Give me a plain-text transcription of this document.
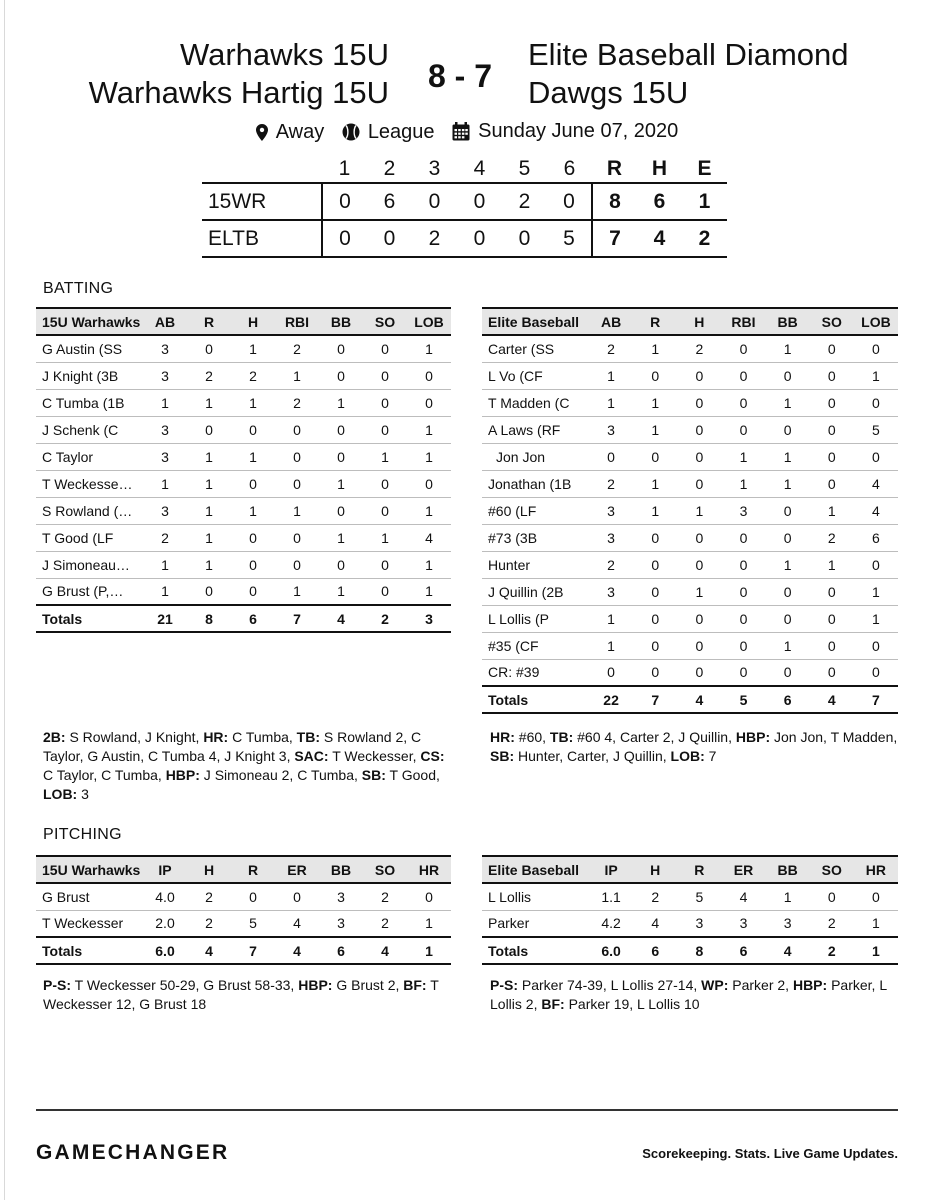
Warhawks 15U
Warhawks Hartig 15U 8 - 7
Elite Baseball Diamond
Dawgs 15U
Away
League
Sunday June 07, 2020
	1	2	3	4	5	6	R	H	E
15WR	0	6	0	0	2	0	8	6	1
ELTB	0	0	2	0	0	5	7	4	2
BATTING
15U Warhawks	AB	R	H	RBI	BB	SO	LOB
G Austin (SS	3	0	1	2	0	0	1
J Knight (3B	3	2	2	1	0	0	0
C Tumba (1B	1	1	1	2	1	0	0
J Schenk (C	3	0	0	0	0	0	1
C Taylor	3	1	1	0	0	1	1
T Weckesse…	1	1	0	0	1	0	0
S Rowland (…	3	1	1	1	0	0	1
T Good (LF	2	1	0	0	1	1	4
J Simoneau…	1	1	0	0	0	0	1
G Brust (P,…	1	0	0	1	1	0	1
Totals	21	8	6	7	4	2	3
Elite Baseball	AB	R	H	RBI	BB	SO	LOB
Carter (SS	2	1	2	0	1	0	0
L Vo (CF	1	0	0	0	0	0	1
T Madden (C	1	1	0	0	1	0	0
A Laws (RF	3	1	0	0	0	0	5
Jon Jon	0	0	0	1	1	0	0
Jonathan (1B	2	1	0	1	1	0	4
#60 (LF	3	1	1	3	0	1	4
#73 (3B	3	0	0	0	0	2	6
Hunter	2	0	0	0	1	1	0
J Quillin (2B	3	0	1	0	0	0	1
L Lollis (P	1	0	0	0	0	0	1
#35 (CF	1	0	0	0	1	0	0
CR: #39	0	0	0	0	0	0	0
Totals	22	7	4	5	6	4	7
2B: S Rowland, J Knight, HR: C Tumba, TB: S Rowland 2, C Taylor, G Austin, C Tumba 4, J Knight 3, SAC: T Weckesser, CS: C Taylor, C Tumba, HBP: J Simoneau 2, C Tumba, SB: T Good, LOB: 3
HR: #60, TB: #60 4, Carter 2, J Quillin, HBP: Jon Jon, T Madden, SB: Hunter, Carter, J Quillin, LOB: 7
PITCHING
15U Warhawks	IP	H	R	ER	BB	SO	HR
G Brust	4.0	2	0	0	3	2	0
T Weckesser	2.0	2	5	4	3	2	1
Totals	6.0	4	7	4	6	4	1
Elite Baseball	IP	H	R	ER	BB	SO	HR
L Lollis	1.1	2	5	4	1	0	0
Parker	4.2	4	3	3	3	2	1
Totals	6.0	6	8	6	4	2	1
P-S: T Weckesser 50-29, G Brust 58-33, HBP: G Brust 2, BF: T Weckesser 12, G Brust 18
P-S: Parker 74-39, L Lollis 27-14, WP: Parker 2, HBP: Parker, L Lollis 2, BF: Parker 19, L Lollis 10
GAMECHANGER	Scorekeeping. Stats. Live Game Updates.
